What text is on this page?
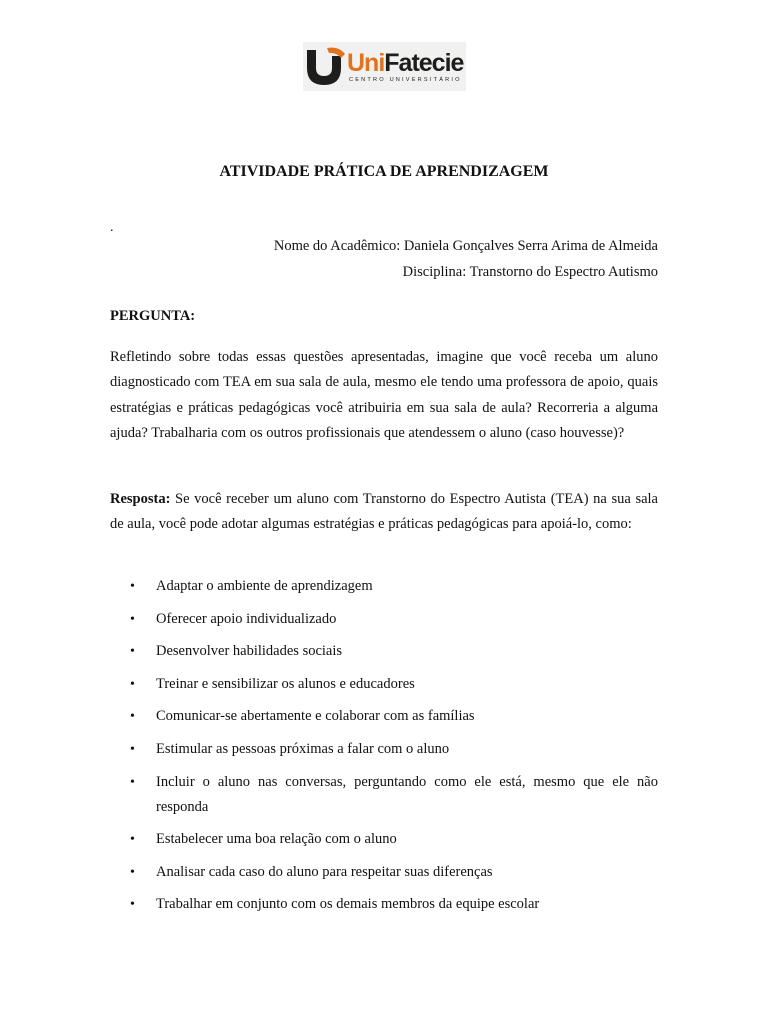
UniFatecie
CENTRO UNIVERSITÁRIO
ATIVIDADE PRÁTICA DE APRENDIZAGEM
.
Nome do Acadêmico: Daniela Gonçalves Serra Arima de Almeida
Disciplina: Transtorno do Espectro Autismo
PERGUNTA:
Refletindo sobre todas essas questões apresentadas, imagine que você receba um aluno diagnosticado com TEA em sua sala de aula, mesmo ele tendo uma professora de apoio, quais estratégias e práticas pedagógicas você atribuiria em sua sala de aula? Recorreria a alguma ajuda? Trabalharia com os outros profissionais que atendessem o aluno (caso houvesse)?
Resposta: Se você receber um aluno com Transtorno do Espectro Autista (TEA) na sua sala de aula, você pode adotar algumas estratégias e práticas pedagógicas para apoiá-lo, como:
• Adaptar o ambiente de aprendizagem
• Oferecer apoio individualizado
• Desenvolver habilidades sociais
• Treinar e sensibilizar os alunos e educadores
• Comunicar-se abertamente e colaborar com as famílias
• Estimular as pessoas próximas a falar com o aluno
• Incluir o aluno nas conversas, perguntando como ele está, mesmo que ele não responda
• Estabelecer uma boa relação com o aluno
• Analisar cada caso do aluno para respeitar suas diferenças
• Trabalhar em conjunto com os demais membros da equipe escolar
